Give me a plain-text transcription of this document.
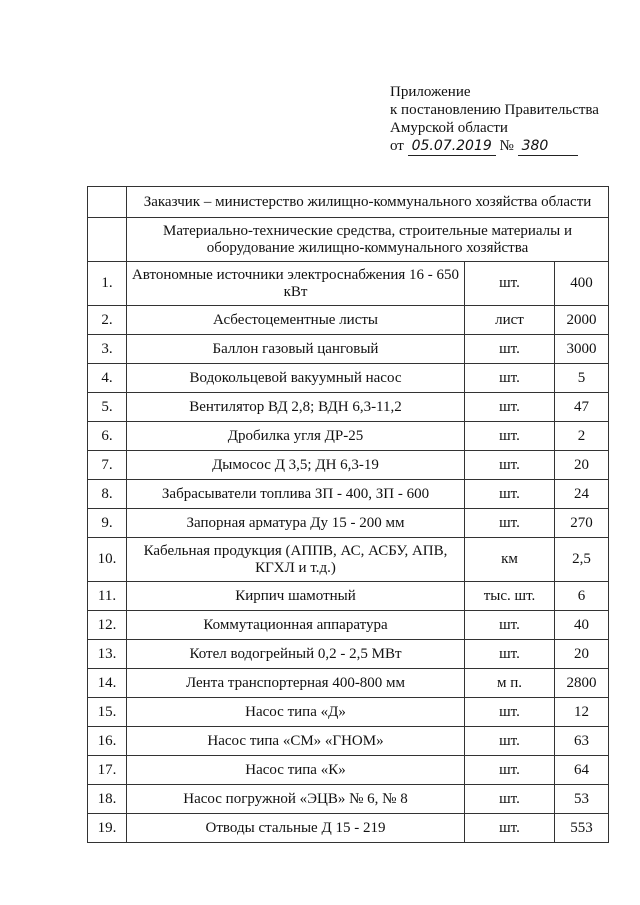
Приложение
к постановлению Правительства
Амурской области
от 05.07.2019 № 380
	Заказчик – министерство жилищно-коммунального хозяйства области		
	Материально-технические средства, строительные материалы и оборудование жилищно-коммунального хозяйства		
1.	Автономные источники электроснабжения 16 - 650 кВт	шт.	400
2.	Асбестоцементные листы	лист	2000
3.	Баллон газовый цанговый	шт.	3000
4.	Водокольцевой вакуумный насос	шт.	5
5.	Вентилятор ВД 2,8; ВДН 6,3-11,2	шт.	47
6.	Дробилка угля ДР-25	шт.	2
7.	Дымосос Д 3,5; ДН 6,3-19	шт.	20
8.	Забрасыватели топлива ЗП - 400, ЗП - 600	шт.	24
9.	Запорная арматура Ду 15 - 200 мм	шт.	270
10.	Кабельная продукция (АППВ, АС, АСБУ, АПВ, КГХЛ и т.д.)	км	2,5
11.	Кирпич шамотный	тыс. шт.	6
12.	Коммутационная аппаратура	шт.	40
13.	Котел водогрейный 0,2 - 2,5 МВт	шт.	20
14.	Лента транспортерная 400-800 мм	м п.	2800
15.	Насос типа «Д»	шт.	12
16.	Насос типа «СМ» «ГНОМ»	шт.	63
17.	Насос типа «К»	шт.	64
18.	Насос погружной «ЭЦВ» № 6, № 8	шт.	53
19.	Отводы стальные Д 15 - 219	шт.	553
